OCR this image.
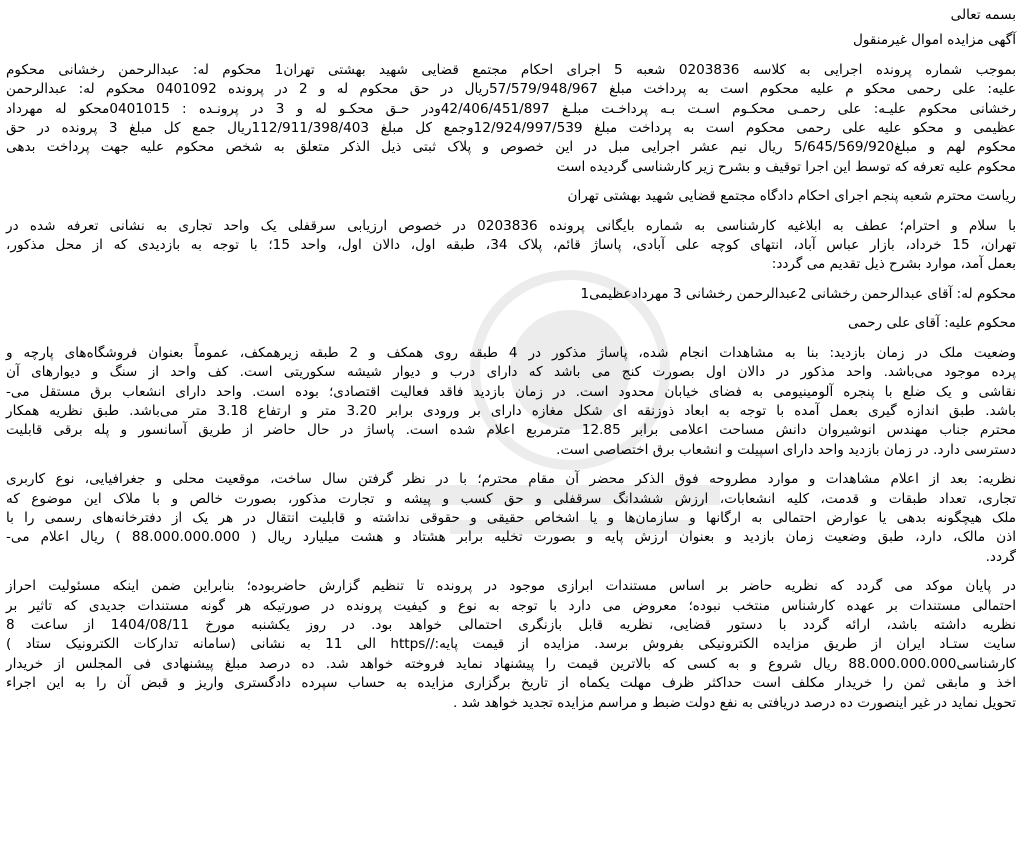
بسمه تعالی
آگهی مزایده اموال غیرمنقول
بموجب شماره پرونده اجرایی به کلاسه 0203836 شعبه 5 اجرای احکام مجتمع قضایی شهید بهشتی تهران1 محکوم له: عبدالرحمن رخشانی محکوم
علیه: علی رحمی محکو م علیه محکوم است به پرداخت مبلغ 57/579/948/967ریال در حق محکوم له و 2 در پرونده 0401092 محکوم له: عبدالرحمن
رخشانی محکوم علیـه: علی رحمـی محکـوم اسـت بـه پرداخـت مبلـغ 42/406/451/897ودر حـق محکـو له و 3 در پرونـده : 0401015محکو له مهرداد
عظیمی و محکو علیه علی رحمی محکوم است به پرداخت مبلغ 12/924/997/539وجمع کل مبلغ 112/911/398/403ریال جمع کل مبلغ 3 پرونده در حق
محکوم لهم و مبلغ5/645/569/920 ریال نیم عشر اجرایی مبل در این خصوص و پلاک ثبتی ذیل الذکر متعلق به شخص محکوم علیه جهت پرداخت بدهی
محکوم علیه تعرفه که توسط این اجرا توقیف و بشرح زیر کارشناسی گردیده است
ریاست محترم شعبه پنجم اجرای احکام دادگاه مجتمع قضایی شهید بهشتی تهران
با سلام و احترام؛ عطف به ابلاغیه کارشناسی به شماره بایگانی پرونده 0203836 در خصوص ارزیابی سرقفلی یک واحد تجاری به نشانی تعرفه شده در
تهران، 15 خرداد، بازار عباس آباد، انتهای کوچه علی آبادی، پاساژ قائم، پلاک 34، طبقه اول، دالان اول، واحد 15؛ با توجه به بازدیدی که از محل مذکور،
بعمل آمد، موارد بشرح ذیل تقدیم می گردد:
محکوم له: آقای عبدالرحمن رخشانی 2عبدالرحمن رخشانی 3 مهردادعظیمی1
محکوم علیه: آقای علی رحمی
وضعیت ملک در زمان بازدید: بنا به مشاهدات انجام شده، پاساژ مذکور در 4 طبقه روی همکف و 2 طبقه زیرهمکف، عموماً بعنوان فروشگاه‌های پارچه و
پرده موجود می‌باشد. واحد مذکور در دالان اول بصورت کنج می باشد که دارای درب و دیوار شیشه سکوریتی است. کف واحد از سنگ و دیوارهای آن
نقاشی و یک ضلع با پنجره آلومینیومی به فضای خیابان محدود است. در زمان بازدید فاقد فعالیت اقتصادی؛ بوده است. واحد دارای انشعاب برق مستقل می-
باشد. طبق اندازه گیری بعمل آمده با توجه به ابعاد ذوزنقه ای شکل مغازه دارای بر ورودی برابر 3.20 متر و ارتفاع 3.18 متر می‌باشد. طبق نظریه همکار
محترم جناب مهندس انوشیروان دانش مساحت اعلامی برابر 12.85 مترمربع اعلام شده است. پاساژ در حال حاضر از طریق آسانسور و پله برقی قابلیت
دسترسی دارد. در زمان بازدید واحد دارای اسپیلت و انشعاب برق اختصاصی است.
نظریه: بعد از اعلام مشاهدات و موارد مطروحه فوق الذکر محضر آن مقام محترم؛ با در نظر گرفتن سال ساخت، موقعیت محلی و جغرافیایی، نوع کاربری
تجاری، تعداد طبقات و قدمت، کلیه انشعابات، ارزش ششدانگ سرقفلی و حق کسب و پیشه و تجارت مذکور، بصورت خالص و با ملاک این موضوع که
ملک هیچگونه بدهی یا عوارض احتمالی به ارگانها و سازمان‌ها و یا اشخاص حقیقی و حقوقی نداشته و قابلیت انتقال در هر یک از دفترخانه‌های رسمی را با
اذن مالک، دارد، طبق وضعیت زمان بازدید و بعنوان ارزش پایه و بصورت تخلیه برابر هشتاد و هشت میلیارد ریال ( 88.000.000.000 ) ریال اعلام می-
گردد.
در پایان موکد می گردد که نظریه حاضر بر اساس مستندات ابرازی موجود در پرونده تا تنظیم گزارش حاضربوده؛ بنابراین ضمن اینکه مسئولیت احراز
احتمالی مستندات بر عهده کارشناس منتخب نبوده؛ معروض می دارد با توجه به نوع و کیفیت پرونده در صورتیکه هر گونه مستندات جدیدی که تاثیر بر
نظریه داشته باشد، ارائه گردد با دستور قضایی، نظریه قابل بازنگری احتمالی خواهد بود. در روز یکشنبه مورخ 1404/08/11 از ساعت 8
سایت ستـاد ایران از طریق مزایده الکترونیکی بفروش برسد. مزایده از قیمت پایه://https الی 11 به نشانی (سامانه تدارکات الکترونیک ستاد )
کارشناسی88.000.000.000 ریال شروع و به کسی که بالاترین قیمت را پیشنهاد نماید فروخته خواهد شد. ده درصد مبلغ پیشنهادی فی المجلس از خریدار
اخذ و مابقی ثمن را خریدار مکلف است حداکثر ظرف مهلت یکماه از تاریخ برگزاری مزایده به حساب سپرده دادگستری واریز و قبض آن را به این اجراء
تحویل نماید در غیر اینصورت ده درصد دریافتی به نفع دولت ضبط و مراسم مزایده تجدید خواهد شد .
